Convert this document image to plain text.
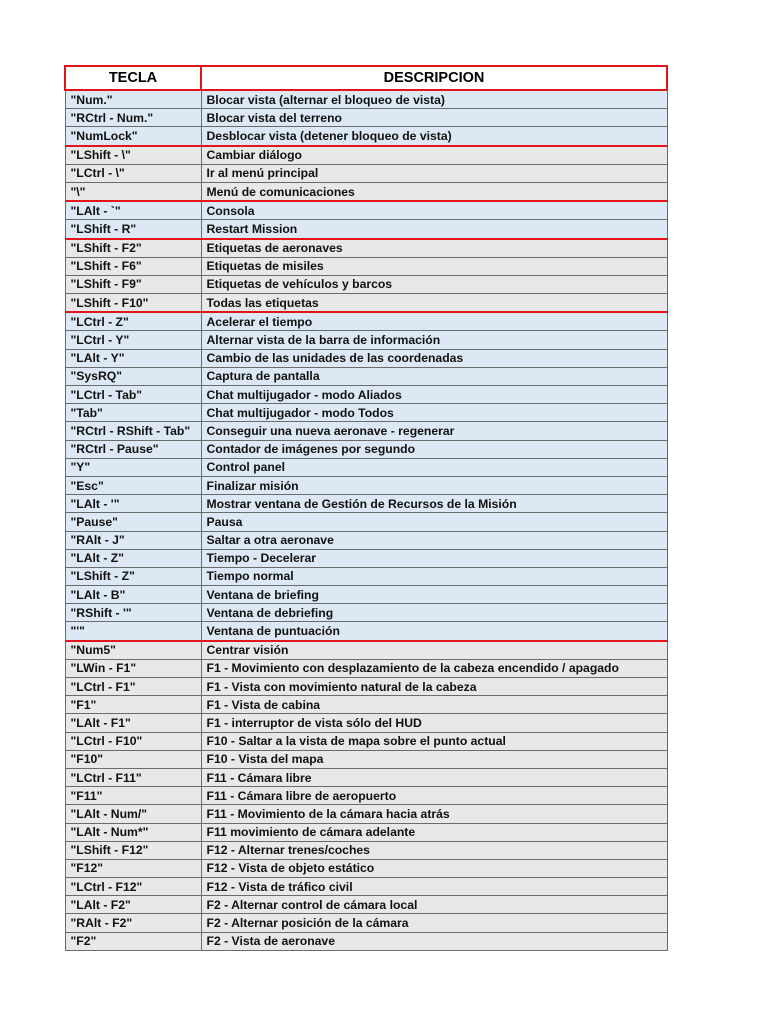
TECLA	DESCRIPCION
"Num."	Blocar vista (alternar el bloqueo de vista)
"RCtrl - Num."	Blocar vista del terreno
"NumLock"	Desblocar vista (detener bloqueo de vista)
"LShift - \"	Cambiar diálogo
"LCtrl - \"	Ir al menú principal
"\"	Menú de comunicaciones
"LAlt - `"	Consola
"LShift - R"	Restart Mission
"LShift - F2"	Etiquetas de aeronaves
"LShift - F6"	Etiquetas de misiles
"LShift - F9"	Etiquetas de vehículos y barcos
"LShift - F10"	Todas las etiquetas
"LCtrl - Z"	Acelerar el tiempo
"LCtrl - Y"	Alternar vista de la barra de información
"LAlt - Y"	Cambio de las unidades de las coordenadas
"SysRQ"	Captura de pantalla
"LCtrl - Tab"	Chat multijugador - modo Aliados
"Tab"	Chat multijugador - modo Todos
"RCtrl - RShift - Tab"	Conseguir una nueva aeronave - regenerar
"RCtrl - Pause"	Contador de imágenes por segundo
"Y"	Control panel
"Esc"	Finalizar misión
"LAlt - '"	Mostrar ventana de Gestión de Recursos de la Misión
"Pause"	Pausa
"RAlt - J"	Saltar a otra aeronave
"LAlt - Z"	Tiempo - Decelerar
"LShift - Z"	Tiempo normal
"LAlt - B"	Ventana de briefing
"RShift - '"	Ventana de debriefing
"'"	Ventana de puntuación
"Num5"	Centrar visión
"LWin - F1"	F1 - Movimiento con desplazamiento de la cabeza encendido / apagado
"LCtrl - F1"	F1 - Vista con movimiento natural de la cabeza
"F1"	F1 - Vista de cabina
"LAlt - F1"	F1 - interruptor de vista sólo del HUD
"LCtrl - F10"	F10 - Saltar a la vista de mapa sobre el punto actual
"F10"	F10 - Vista del mapa
"LCtrl - F11"	F11 - Cámara libre
"F11"	F11 - Cámara libre de aeropuerto
"LAlt - Num/"	F11 - Movimiento de la cámara hacia atrás
"LAlt - Num*"	F11 movimiento de cámara adelante
"LShift - F12"	F12 - Alternar trenes/coches
"F12"	F12 - Vista de objeto estático
"LCtrl - F12"	F12 - Vista de tráfico civil
"LAlt - F2"	F2 - Alternar control de cámara local
"RAlt - F2"	F2 - Alternar posición de la cámara
"F2"	F2 - Vista de aeronave
